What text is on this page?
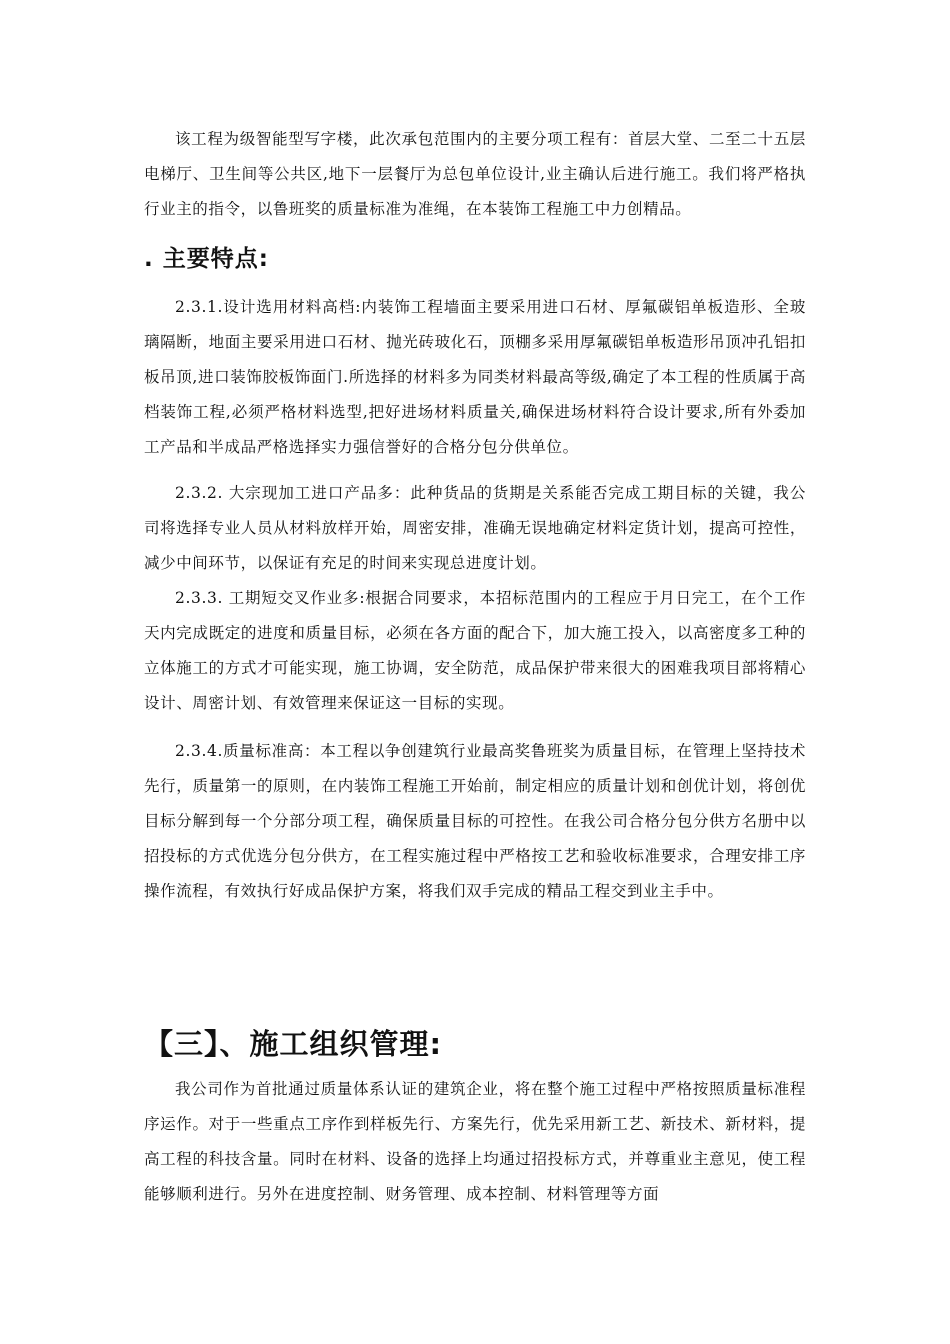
该工程为级智能型写字楼，此次承包范围内的主要分项工程有：首层大堂、二至二十五层电梯厅、卫生间等公共区,地下一层餐厅为总包单位设计,业主确认后进行施工。我们将严格执行业主的指令，以鲁班奖的质量标准为准绳，在本装饰工程施工中力创精品。

. 主要特点:

2.3.1.设计选用材料高档:内装饰工程墙面主要采用进口石材、厚氟碳铝单板造形、全玻璃隔断，地面主要采用进口石材、抛光砖玻化石，顶棚多采用厚氟碳铝单板造形吊顶冲孔铝扣板吊顶,进口装饰胶板饰面门.所选择的材料多为同类材料最高等级,确定了本工程的性质属于高档装饰工程,必须严格材料选型,把好进场材料质量关,确保进场材料符合设计要求,所有外委加工产品和半成品严格选择实力强信誉好的合格分包分供单位。

2.3.2. 大宗现加工进口产品多：此种货品的货期是关系能否完成工期目标的关键，我公司将选择专业人员从材料放样开始，周密安排，准确无误地确定材料定货计划，提高可控性，减少中间环节，以保证有充足的时间来实现总进度计划。

2.3.3. 工期短交叉作业多:根据合同要求，本招标范围内的工程应于月日完工，在个工作天内完成既定的进度和质量目标，必须在各方面的配合下，加大施工投入，以高密度多工种的立体施工的方式才可能实现，施工协调，安全防范，成品保护带来很大的困难我项目部将精心设计、周密计划、有效管理来保证这一目标的实现。

2.3.4.质量标准高：本工程以争创建筑行业最高奖鲁班奖为质量目标，在管理上坚持技术先行，质量第一的原则，在内装饰工程施工开始前，制定相应的质量计划和创优计划，将创优目标分解到每一个分部分项工程，确保质量目标的可控性。在我公司合格分包分供方名册中以招投标的方式优选分包分供方，在工程实施过程中严格按工艺和验收标准要求，合理安排工序操作流程，有效执行好成品保护方案，将我们双手完成的精品工程交到业主手中。

【三】、施工组织管理:

我公司作为首批通过质量体系认证的建筑企业，将在整个施工过程中严格按照质量标准程序运作。对于一些重点工序作到样板先行、方案先行，优先采用新工艺、新技术、新材料，提高工程的科技含量。同时在材料、设备的选择上均通过招投标方式，并尊重业主意见，使工程能够顺利进行。另外在进度控制、财务管理、成本控制、材料管理等方面
